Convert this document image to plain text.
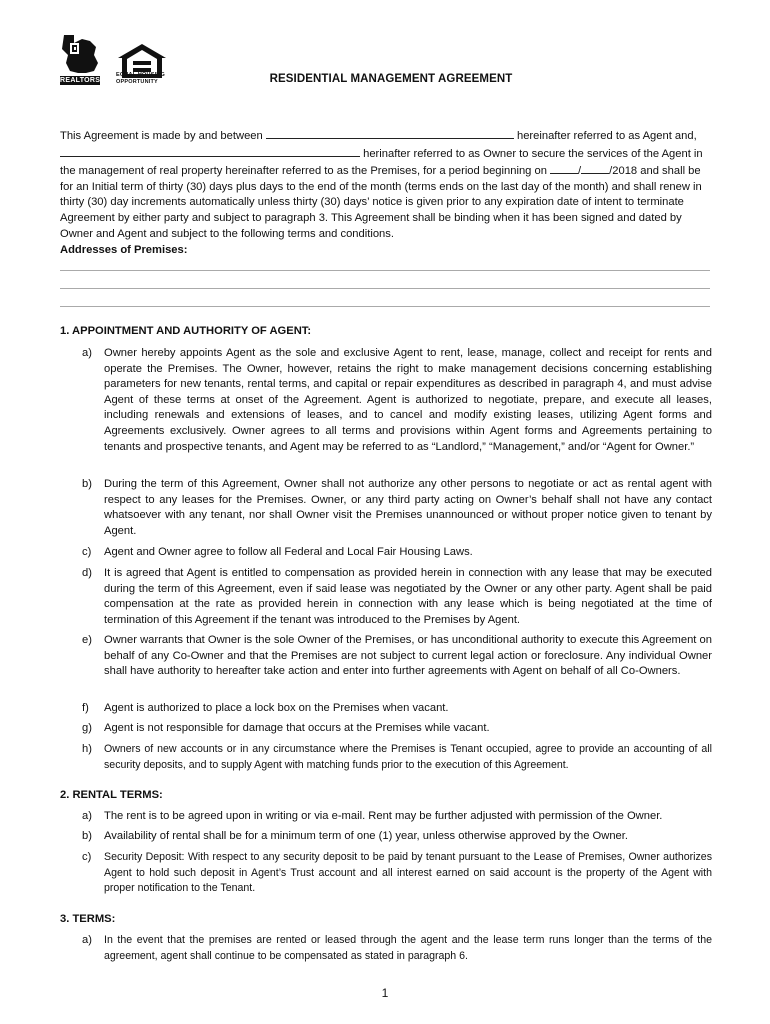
REALTORS
EQUAL HOUSING
OPPORTUNITY	RESIDENTIAL MANAGEMENT AGREEMENT
This Agreement is made by and between	hereinafter referred to as Agent and,
herinafter referred to as Owner to secure the services of the Agent in the management of real property hereinafter referred to as the Premises, for a period beginning on	/	/2018 and shall be for an Initial term of thirty (30) days plus days to the end of the month (terms ends on the last day of the month) and shall renew in thirty (30) day increments automatically unless thirty (30) days’ notice is given prior to any expiration date of intent to terminate Agreement by either party and subject to paragraph 3. This Agreement shall be binding when it has been signed and dated by Owner and Agent and subject to the following terms and conditions.
Addresses of Premises:
1. APPOINTMENT AND AUTHORITY OF AGENT:
a)	Owner hereby appoints Agent as the sole and exclusive Agent to rent, lease, manage, collect and receipt for rents and operate the Premises. The Owner, however, retains the right to make management decisions concerning establishing parameters for new tenants, rental terms, and capital or repair expenditures as described in paragraph 4, and must advise Agent of these terms at onset of the Agreement. Agent is authorized to negotiate, prepare, and execute all leases, including renewals and extensions of leases, and to cancel and modify existing leases, utilizing Agent forms and Agreements exclusively. Owner agrees to all terms and provisions within Agent forms and Agreements pertaining to tenants and prospective tenants, and Agent may be referred to as “Landlord,” “Management,” and/or “Agent for Owner.”
b)	During the term of this Agreement, Owner shall not authorize any other persons to negotiate or act as rental agent with respect to any leases for the Premises. Owner, or any third party acting on Owner’s behalf shall not have any contact whatsoever with any tenant, nor shall Owner visit the Premises unannounced or without proper notice given to tenant by Agent.
c)	Agent and Owner agree to follow all Federal and Local Fair Housing Laws.
d)	It is agreed that Agent is entitled to compensation as provided herein in connection with any lease that may be executed during the term of this Agreement, even if said lease was negotiated by the Owner or any other party. Agent shall be paid compensation at the rate as provided herein in connection with any lease which is being negotiated at the time of termination of this Agreement if the tenant was introduced to the Premises by Agent.
e)	Owner warrants that Owner is the sole Owner of the Premises, or has unconditional authority to execute this Agreement on behalf of any Co-Owner and that the Premises are not subject to current legal action or foreclosure. Any individual Owner shall have authority to hereafter take action and enter into further agreements with Agent on behalf of all Co-Owners.
f)	Agent is authorized to place a lock box on the Premises when vacant.
g)	Agent is not responsible for damage that occurs at the Premises while vacant.
h)	Owners of new accounts or in any circumstance where the Premises is Tenant occupied, agree to provide an accounting of all security deposits, and to supply Agent with matching funds prior to the execution of this Agreement.
2. RENTAL TERMS:
a)	The rent is to be agreed upon in writing or via e-mail. Rent may be further adjusted with permission of the Owner.
b)	Availability of rental shall be for a minimum term of one (1) year, unless otherwise approved by the Owner.
c)	Security Deposit: With respect to any security deposit to be paid by tenant pursuant to the Lease of Premises, Owner authorizes Agent to hold such deposit in Agent’s Trust account and all interest earned on said account is the property of the Agent with proper notification to the Tenant.
3. TERMS:
a)	In the event that the premises are rented or leased through the agent and the lease term runs longer than the terms of the agreement, agent shall continue to be compensated as stated in paragraph 6.
1
